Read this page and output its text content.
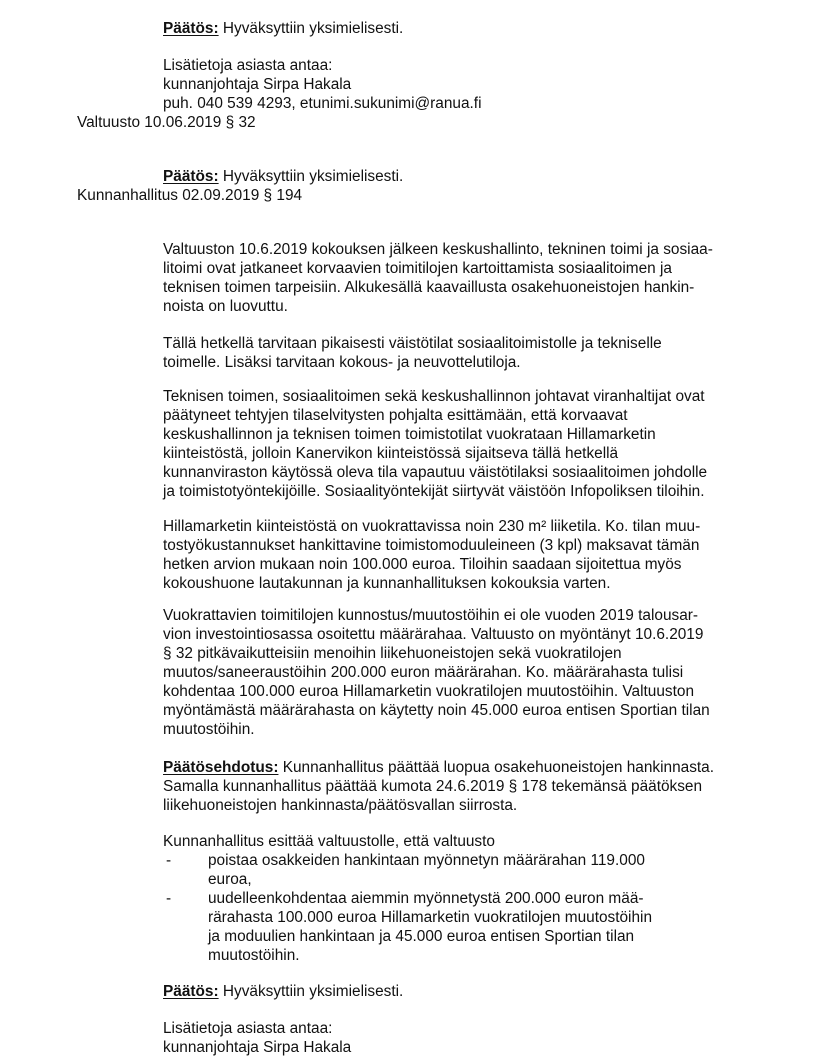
Päätös: Hyväksyttiin yksimielisesti.
Lisätietoja asiasta antaa:
kunnanjohtaja Sirpa Hakala
puh. 040 539 4293, etunimi.sukunimi@ranua.fi
Valtuusto 10.06.2019 § 32
Päätös: Hyväksyttiin yksimielisesti.
Kunnanhallitus 02.09.2019 § 194
Valtuuston 10.6.2019 kokouksen jälkeen keskushallinto, tekninen toimi ja sosiaa-
litoimi ovat jatkaneet korvaavien toimitilojen kartoittamista sosiaalitoimen ja
teknisen toimen tarpeisiin. Alkukesällä kaavaillusta osakehuoneistojen hankin-
noista on luovuttu.
Tällä hetkellä tarvitaan pikaisesti väistötilat sosiaalitoimistolle ja tekniselle
toimelle. Lisäksi tarvitaan kokous- ja neuvottelutiloja.
Teknisen toimen, sosiaalitoimen sekä keskushallinnon johtavat viranhaltijat ovat
päätyneet tehtyjen tilaselvitysten pohjalta esittämään, että korvaavat
keskushallinnon ja teknisen toimen toimistotilat vuokrataan Hillamarketin
kiinteistöstä, jolloin Kanervikon kiinteistössä sijaitseva tällä hetkellä
kunnanviraston käytössä oleva tila vapautuu väistötilaksi sosiaalitoimen johdolle
ja toimistotyöntekijöille. Sosiaalityöntekijät siirtyvät väistöön Infopoliksen tiloihin.
Hillamarketin kiinteistöstä on vuokrattavissa noin 230 m² liiketila. Ko. tilan muu-
tostyökustannukset hankittavine toimistomoduuleineen (3 kpl) maksavat tämän
hetken arvion mukaan noin 100.000 euroa. Tiloihin saadaan sijoitettua myös
kokoushuone lautakunnan ja kunnanhallituksen kokouksia varten.
Vuokrattavien toimitilojen kunnostus/muutostöihin ei ole vuoden 2019 talousar-
vion investointiosassa osoitettu määrärahaa. Valtuusto on myöntänyt 10.6.2019
§ 32 pitkävaikutteisiin menoihin liikehuoneistojen sekä vuokratilojen
muutos/saneeraustöihin 200.000 euron määrärahan. Ko. määrärahasta tulisi
kohdentaa 100.000 euroa Hillamarketin vuokratilojen muutostöihin. Valtuuston
myöntämästä määrärahasta on käytetty noin 45.000 euroa entisen Sportian tilan
muutostöihin.
Päätösehdotus: Kunnanhallitus päättää luopua osakehuoneistojen hankinnasta.
Samalla kunnanhallitus päättää kumota 24.6.2019 § 178 tekemänsä päätöksen
liikehuoneistojen hankinnasta/päätösvallan siirrosta.
Kunnanhallitus esittää valtuustolle, että valtuusto
- poistaa osakkeiden hankintaan myönnetyn määrärahan 119.000
euroa,
- uudelleenkohdentaa aiemmin myönnetystä 200.000 euron mää-
rärahasta 100.000 euroa Hillamarketin vuokratilojen muutostöihin
ja moduulien hankintaan ja 45.000 euroa entisen Sportian tilan
muutostöihin.
Päätös: Hyväksyttiin yksimielisesti.
Lisätietoja asiasta antaa:
kunnanjohtaja Sirpa Hakala
